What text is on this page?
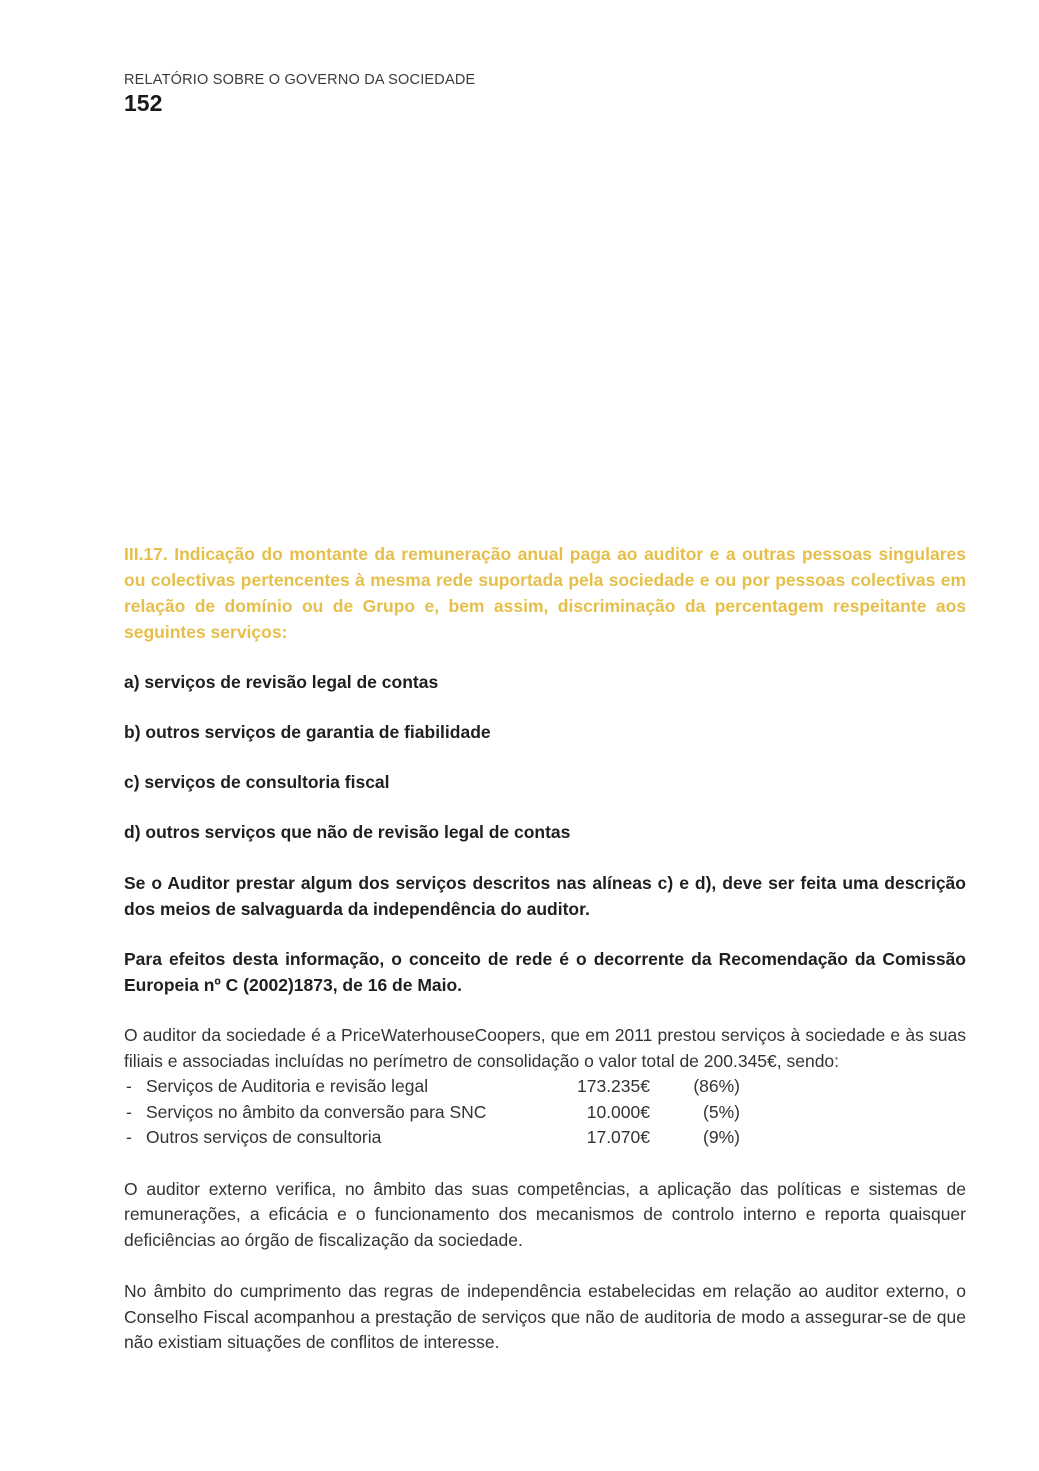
RELATÓRIO SOBRE O GOVERNO DA SOCIEDADE
152

III.17. Indicação do montante da remuneração anual paga ao auditor e a outras pessoas singulares ou colectivas pertencentes à mesma rede suportada pela sociedade e ou por pessoas colectivas em relação de domínio ou de Grupo e, bem assim, discriminação da percentagem respeitante aos seguintes serviços:

a) serviços de revisão legal de contas

b) outros serviços de garantia de fiabilidade

c) serviços de consultoria fiscal

d) outros serviços que não de revisão legal de contas

Se o Auditor prestar algum dos serviços descritos nas alíneas c) e d), deve ser feita uma descrição dos meios de salvaguarda da independência do auditor.

Para efeitos desta informação, o conceito de rede é o decorrente da Recomendação da Comissão Europeia nº C (2002)1873, de 16 de Maio.

O auditor da sociedade é a PriceWaterhouseCoopers, que em 2011 prestou serviços à sociedade e às suas filiais e associadas incluídas no perímetro de consolidação o valor total de 200.345€, sendo:

- Serviços de Auditoria e revisão legal	173.235€	(86%)
- Serviços no âmbito da conversão para SNC	10.000€	(5%)
- Outros serviços de consultoria	17.070€	(9%)

O auditor externo verifica, no âmbito das suas competências, a aplicação das políticas e sistemas de remunerações, a eficácia e o funcionamento dos mecanismos de controlo interno e reporta quaisquer deficiências ao órgão de fiscalização da sociedade.

No âmbito do cumprimento das regras de independência estabelecidas em relação ao auditor externo, o Conselho Fiscal acompanhou a prestação de serviços que não de auditoria de modo a assegurar-se de que não existiam situações de conflitos de interesse.
